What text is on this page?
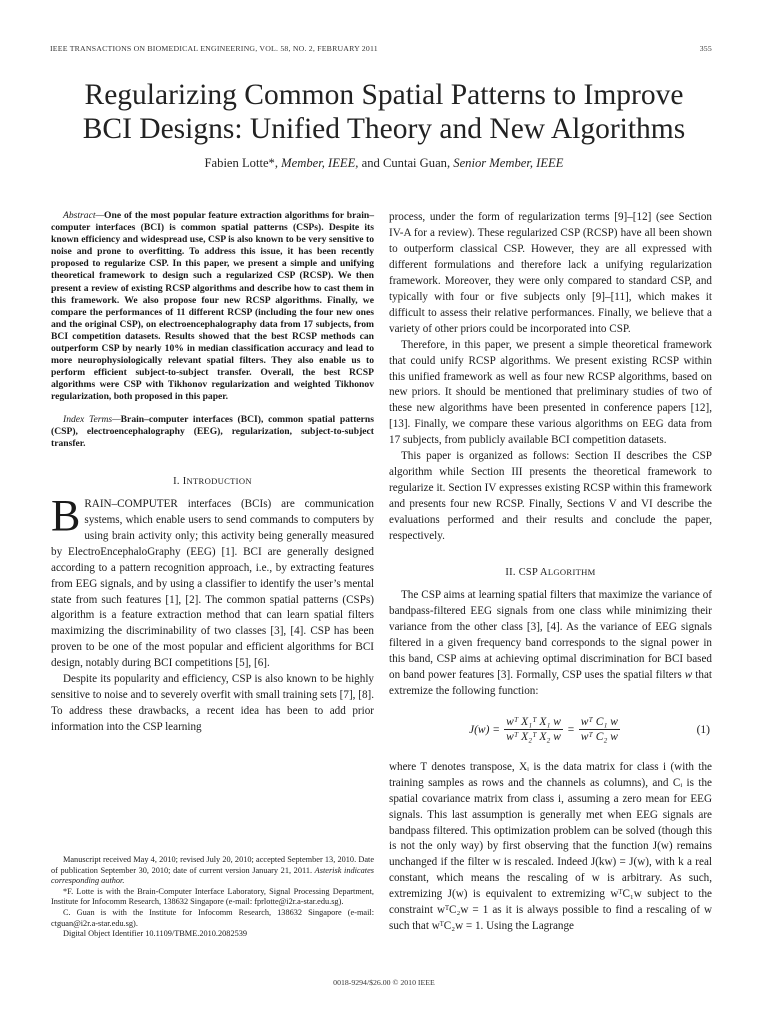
IEEE TRANSACTIONS ON BIOMEDICAL ENGINEERING, VOL. 58, NO. 2, FEBRUARY 2011	355
Regularizing Common Spatial Patterns to Improve
BCI Designs: Unified Theory and New Algorithms
Fabien Lotte*, Member, IEEE, and Cuntai Guan, Senior Member, IEEE

Abstract—One of the most popular feature extraction algorithms for brain–computer interfaces (BCI) is common spatial patterns (CSPs). Despite its known efficiency and widespread use, CSP is also known to be very sensitive to noise and prone to overfitting. To address this issue, it has been recently proposed to regularize CSP. In this paper, we present a simple and unifying theoretical framework to design such a regularized CSP (RCSP). We then present a review of existing RCSP algorithms and describe how to cast them in this framework. We also propose four new RCSP algorithms. Finally, we compare the performances of 11 different RCSP (including the four new ones and the original CSP), on electroencephalography data from 17 subjects, from BCI competition datasets. Results showed that the best RCSP methods can outperform CSP by nearly 10% in median classification accuracy and lead to more neurophysiologically relevant spatial filters. They also enable us to perform efficient subject-to-subject transfer. Overall, the best RCSP algorithms were CSP with Tikhonov regularization and weighted Tikhonov regularization, both proposed in this paper.

Index Terms—Brain–computer interfaces (BCI), common spatial patterns (CSP), electroencephalography (EEG), regularization, subject-to-subject transfer.

I. INTRODUCTION

BRAIN–COMPUTER interfaces (BCIs) are communication systems, which enable users to send commands to computers by using brain activity only; this activity being generally measured by ElectroEncephaloGraphy (EEG) [1]. BCI are generally designed according to a pattern recognition approach, i.e., by extracting features from EEG signals, and by using a classifier to identify the user’s mental state from such features [1], [2]. The common spatial patterns (CSPs) algorithm is a feature extraction method that can learn spatial filters maximizing the discriminability of two classes [3], [4]. CSP has been proven to be one of the most popular and efficient algorithms for BCI design, notably during BCI competitions [5], [6].

Despite its popularity and efficiency, CSP is also known to be highly sensitive to noise and to severely overfit with small training sets [7], [8]. To address these drawbacks, a recent idea has been to add prior information into the CSP learning

Manuscript received May 4, 2010; revised July 20, 2010; accepted September 13, 2010. Date of publication September 30, 2010; date of current version January 21, 2011. Asterisk indicates corresponding author.

*F. Lotte is with the Brain-Computer Interface Laboratory, Signal Processing Department, Institute for Infocomm Research, 138632 Singapore (e-mail: fprlotte@i2r.a-star.edu.sg).

C. Guan is with the Institute for Infocomm Research, 138632 Singapore (e-mail: ctguan@i2r.a-star.edu.sg).

Digital Object Identifier 10.1109/TBME.2010.2082539

process, under the form of regularization terms [9]–[12] (see Section IV-A for a review). These regularized CSP (RCSP) have all been shown to outperform classical CSP. However, they are all expressed with different formulations and therefore lack a unifying regularization framework. Moreover, they were only compared to standard CSP, and typically with four or five subjects only [9]–[11], which makes it difficult to assess their relative performances. Finally, we believe that a variety of other priors could be incorporated into CSP.

Therefore, in this paper, we present a simple theoretical framework that could unify RCSP algorithms. We present existing RCSP within this unified framework as well as four new RCSP algorithms, based on new priors. It should be mentioned that preliminary studies of two of these new algorithms have been presented in conference papers [12], [13]. Finally, we compare these various algorithms on EEG data from 17 subjects, from publicly available BCI competition datasets.

This paper is organized as follows: Section II describes the CSP algorithm while Section III presents the theoretical framework to regularize it. Section IV expresses existing RCSP within this framework and presents four new RCSP. Finally, Sections V and VI describe the evaluations performed and their results and conclude the paper, respectively.

II. CSP ALGORITHM

The CSP aims at learning spatial filters that maximize the variance of bandpass-filtered EEG signals from one class while minimizing their variance from the other class [3], [4]. As the variance of EEG signals filtered in a given frequency band corresponds to the signal power in this band, CSP aims at achieving optimal discrimination for BCI based on band power features [3]. Formally, CSP uses the spatial filters w that extremize the following function:

$J(w) = \frac{\text{wᵀ X₁ᵀ X₁ w}}{\text{wᵀ X₂ᵀ X₂ w}} = \frac{\text{wᵀ C₁ w}}{\text{wᵀ C₂ w}}$	(1)

where T denotes transpose, Xᵢ is the data matrix for class i (with the training samples as rows and the channels as columns), and Cᵢ is the spatial covariance matrix from class i, assuming a zero mean for EEG signals. This last assumption is generally met when EEG signals are bandpass filtered. This optimization problem can be solved (though this is not the only way) by first observing that the function J(w) remains unchanged if the filter w is rescaled. Indeed J(kw) = J(w), with k a real constant, which means the rescaling of w is arbitrary. As such, extremizing J(w) is equivalent to extremizing wᵀC₁w subject to the constraint wᵀC₂w = 1 as it is always possible to find a rescaling of w such that wᵀC₂w = 1. Using the Lagrange

0018-9294/$26.00 © 2010 IEEE
